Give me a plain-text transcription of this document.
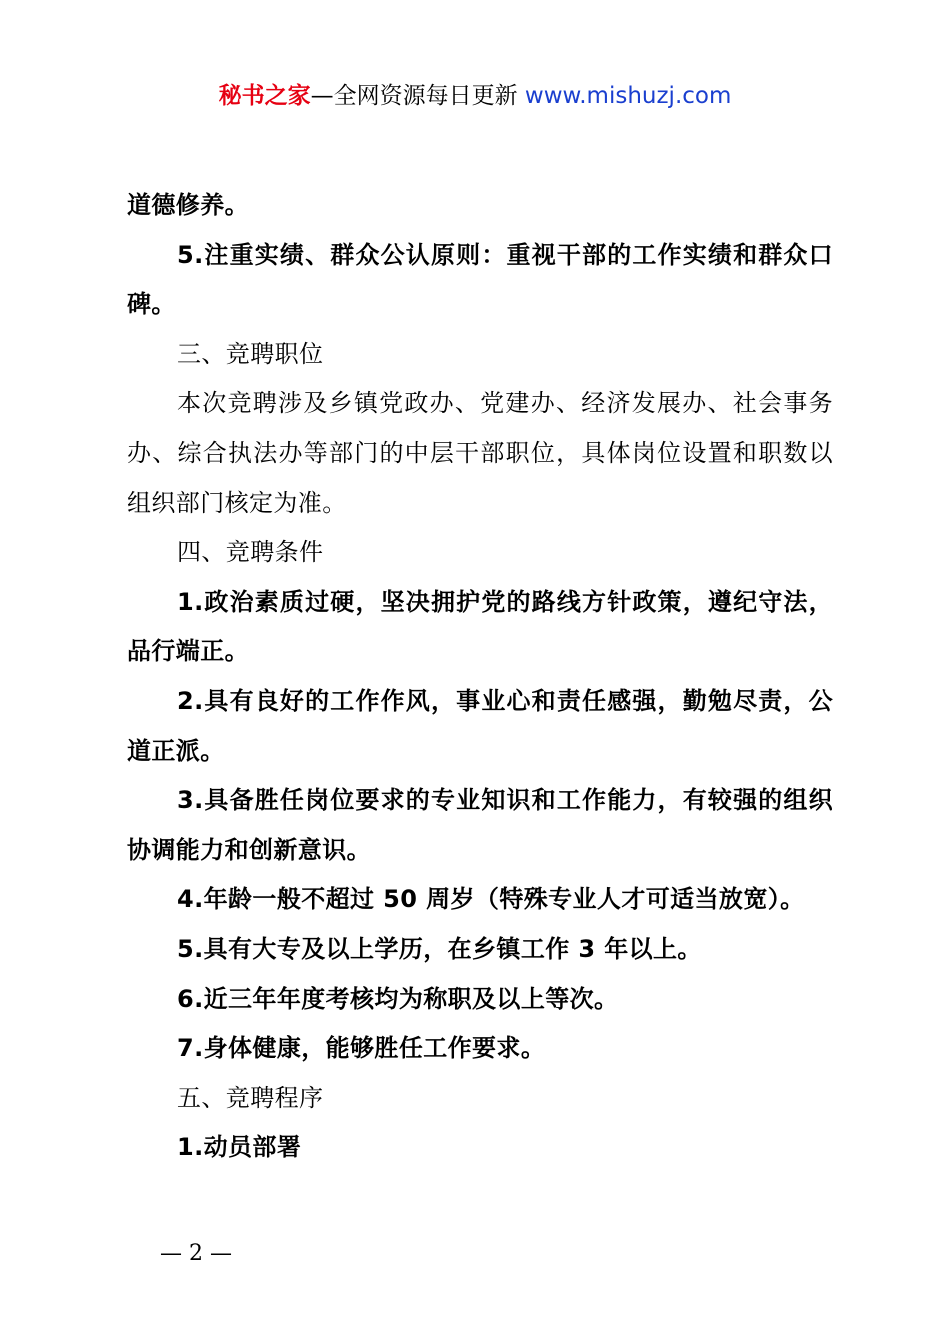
秘书之家—全网资源每日更新 www.mishuzj.com

道德修养。

5.注重实绩、群众公认原则：重视干部的工作实绩和群众口碑。

三、竞聘职位

本次竞聘涉及乡镇党政办、党建办、经济发展办、社会事务办、综合执法办等部门的中层干部职位，具体岗位设置和职数以组织部门核定为准。

四、竞聘条件

1.政治素质过硬，坚决拥护党的路线方针政策，遵纪守法，品行端正。

2.具有良好的工作作风，事业心和责任感强，勤勉尽责，公道正派。

3.具备胜任岗位要求的专业知识和工作能力，有较强的组织协调能力和创新意识。

4.年龄一般不超过 50 周岁（特殊专业人才可适当放宽）。

5.具有大专及以上学历，在乡镇工作 3 年以上。

6.近三年年度考核均为称职及以上等次。

7.身体健康，能够胜任工作要求。

五、竞聘程序

1.动员部署

— 2 —
